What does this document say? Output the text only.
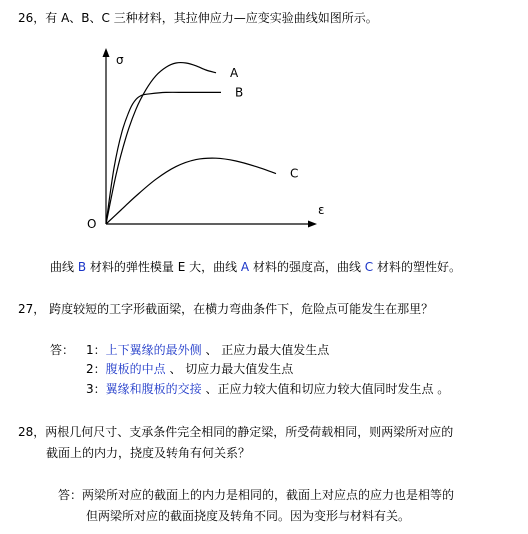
26，有 A、B、C 三种材料，其拉伸应力—应变实验曲线如图所示。
σ
ε
O
A
B
C
曲线 B 材料的弹性模量 E 大，曲线 A 材料的强度高，曲线 C 材料的塑性好。
27， 跨度较短的工字形截面梁，在横力弯曲条件下，危险点可能发生在那里？
答： 1：上下翼缘的最外侧 、 正应力最大值发生点
2：腹板的中点 、 切应力最大值发生点
3：翼缘和腹板的交接 、正应力较大值和切应力较大值同时发生点 。
28，两根几何尺寸、支承条件完全相同的静定梁，所受荷载相同，则两梁所对应的
截面上的内力，挠度及转角有何关系？
答：两梁所对应的截面上的内力是相同的，截面上对应点的应力也是相等的
但两梁所对应的截面挠度及转角不同。因为变形与材料有关。
